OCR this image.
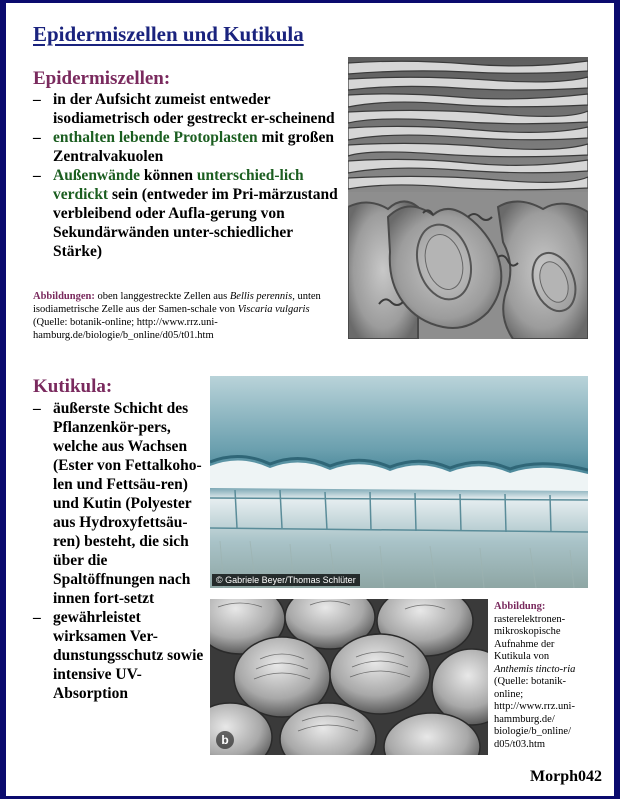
Epidermiszellen und Kutikula
Epidermiszellen:
– in der Aufsicht zumeist entweder isodiametrisch oder gestreckt er-scheinend
– enthalten lebende Protoplasten mit großen Zentralvakuolen
– Außenwände können unterschied-lich verdickt sein (entweder im Pri-märzustand verbleibend oder Aufla-gerung von Sekundärwänden unter-schiedlicher Stärke)
Abbildungen: oben langgestreckte Zellen aus Bellis perennis, unten isodiametrische Zelle aus der Samen-schale von Viscaria vulgaris (Quelle: botanik-online; http://www.rrz.uni-hamburg.de/biologie/b_online/d05/t01.htm
Kutikula:
– äußerste Schicht des Pflanzenkör-pers, welche aus Wachsen (Ester von Fettalkoho-len und Fettsäu-ren) und Kutin (Polyester aus Hydroxyfettsäu-ren) besteht, die sich über die Spaltöffnungen nach innen fort-setzt
– gewährleistet wirksamen Ver-dunstungsschutz sowie intensive UV-Absorption
© Gabriele Beyer/Thomas Schlüter
b
Abbildung: rasterelektronen-mikroskopische Aufnahme der Kutikula von Anthemis tincto-ria (Quelle: botanik-online; http://www.rrz.uni-hammburg.de/ biologie/b_online/ d05/t03.htm
Morph042
